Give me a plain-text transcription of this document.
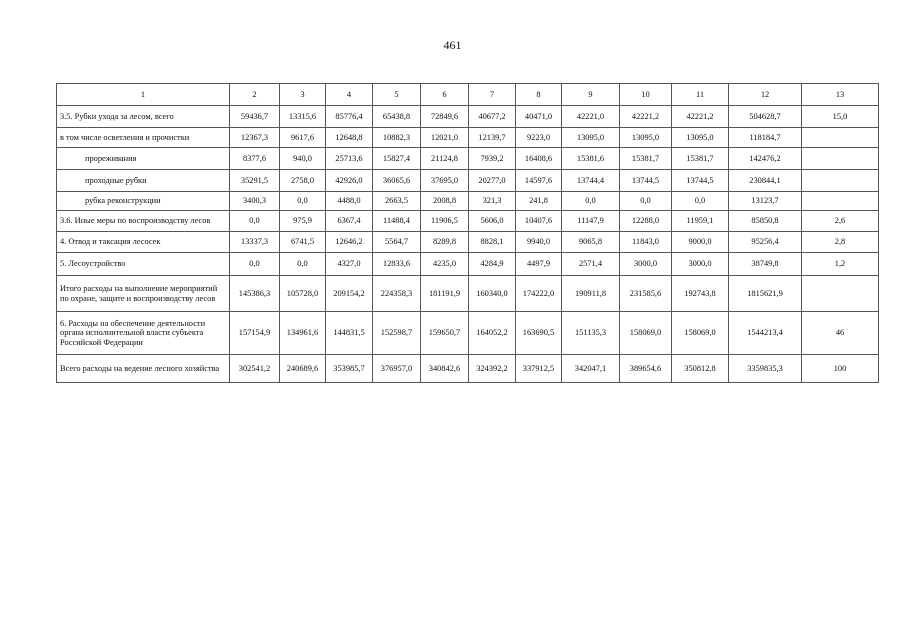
461
1	2	3	4	5	6	7	8	9	10	11	12	13
3.5. Рубки ухода за лесом, всего	59436,7	13315,6	85776,4	65438,8	72849,6	40677,2	40471,0	42221,0	42221,2	42221,2	504628,7	15,0
в том числе осветления и прочистки	12367,3	9617,6	12648,8	10882,3	12021,0	12139,7	9223,0	13095,0	13095,0	13095,0	118184,7	
прореживания	8377,6	940,0	25713,6	15827,4	21124,8	7939,2	16408,6	15381,6	15381,7	15381,7	142476,2	
проходные рубки	35291,5	2758,0	42926,0	36065,6	37695,0	20277,0	14597,6	13744,4	13744,5	13744,5	230844,1	
рубка реконструкции	3400,3	0,0	4488,0	2663,5	2008,8	321,3	241,8	0,0	0,0	0,0	13123,7	
3.6. Иные меры по воспроизводству лесов	0,0	975,9	6367,4	11488,4	11906,5	5606,0	10407,6	11147,9	12288,0	11959,1	85850,8	2,6
4. Отвод и таксация лесосек	13337,3	6741,5	12646,2	5564,7	8289,8	8828,1	9940,0	9065,8	11843,0	9000,0	95256,4	2,8
5. Лесоустройство	0,0	0,0	4327,0	12833,6	4235,0	4284,9	4497,9	2571,4	3000,0	3000,0	38749,8	1,2
Итого расходы на выполнение мероприятий по охране, защите и воспроизводству лесов	145386,3	105728,0	209154,2	224358,3	181191,9	160340,0	174222,0	190911,8	231585,6	192743,8	1815621,9	
6. Расходы на обеспечение деятельности органа исполнительной власти субъекта Российской Федерации	157154,9	134961,6	144831,5	152598,7	159650,7	164052,2	163690,5	151135,3	158069,0	158069,0	1544213,4	46
Всего расходы на ведение лесного хозяйства	302541,2	240689,6	353985,7	376957,0	340842,6	324392,2	337912,5	342047,1	389654,6	350812,8	3359835,3	100
